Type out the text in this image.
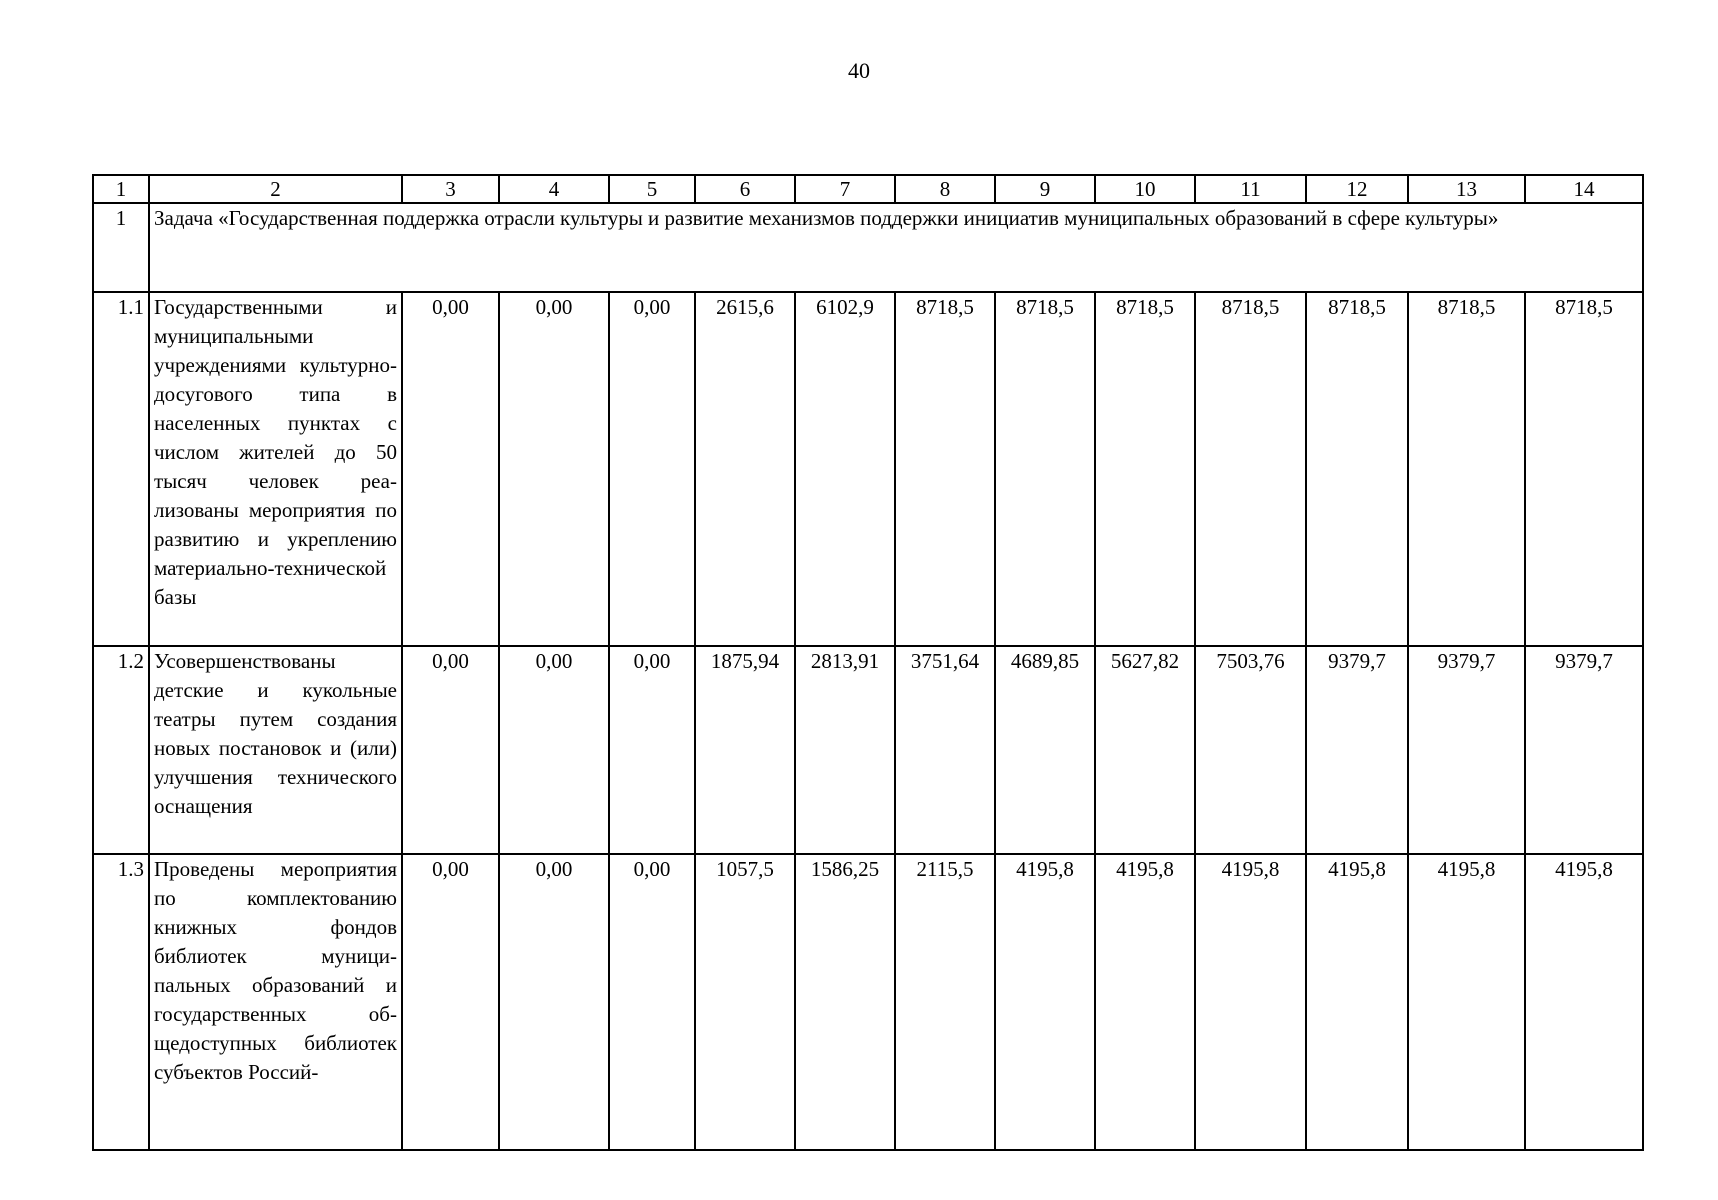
40
1	2	3	4	5	6	7	8	9	10	11	12	13	14
1	Задача «Государственная поддержка отрасли культуры и развитие механизмов поддержки инициатив муниципальных образований в сфере культуры»												
1.1	Государственными и муниципальными учреждениями культурно-досугового типа в населенных пунктах с числом жителей до 50 тысяч человек реализованы мероприятия по развитию и укреплению материально-технической базы	0,00	0,00	0,00	2615,6	6102,9	8718,5	8718,5	8718,5	8718,5	8718,5	8718,5	8718,5
1.2	Усовершенствованы детские и кукольные театры путем создания новых постановок и (или) улучшения технического оснащения	0,00	0,00	0,00	1875,94	2813,91	3751,64	4689,85	5627,82	7503,76	9379,7	9379,7	9379,7
1.3	Проведены мероприятия по комплектованию книжных фондов библиотек муниципальных образований и государственных общедоступных библиотек субъектов Россий-	0,00	0,00	0,00	1057,5	1586,25	2115,5	4195,8	4195,8	4195,8	4195,8	4195,8	4195,8
